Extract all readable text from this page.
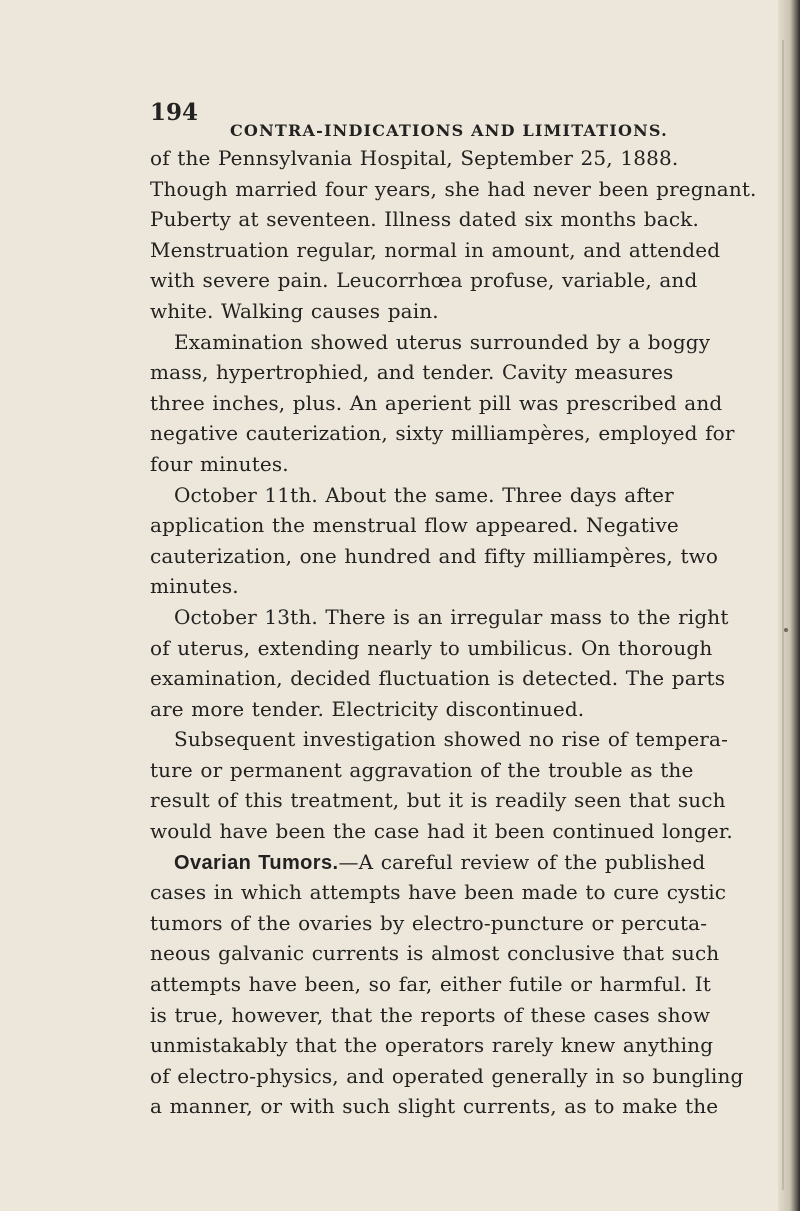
194
CONTRA-INDICATIONS AND LIMITATIONS.
of the Pennsylvania Hospital, September 25, 1888.
Though married four years, she had never been pregnant.
Puberty at seventeen. Illness dated six months back.
Menstruation regular, normal in amount, and attended
with severe pain. Leucorrhœa profuse, variable, and
white. Walking causes pain.
Examination showed uterus surrounded by a boggy
mass, hypertrophied, and tender. Cavity measures
three inches, plus. An aperient pill was prescribed and
negative cauterization, sixty milliampères, employed for
four minutes.
October 11th. About the same. Three days after
application the menstrual flow appeared. Negative
cauterization, one hundred and fifty milliampères, two
minutes.
October 13th. There is an irregular mass to the right
of uterus, extending nearly to umbilicus. On thorough
examination, decided fluctuation is detected. The parts
are more tender. Electricity discontinued.
Subsequent investigation showed no rise of tempera-
ture or permanent aggravation of the trouble as the
result of this treatment, but it is readily seen that such
would have been the case had it been continued longer.
Ovarian Tumors.—A careful review of the published
cases in which attempts have been made to cure cystic
tumors of the ovaries by electro-puncture or percuta-
neous galvanic currents is almost conclusive that such
attempts have been, so far, either futile or harmful. It
is true, however, that the reports of these cases show
unmistakably that the operators rarely knew anything
of electro-physics, and operated generally in so bungling
a manner, or with such slight currents, as to make the
